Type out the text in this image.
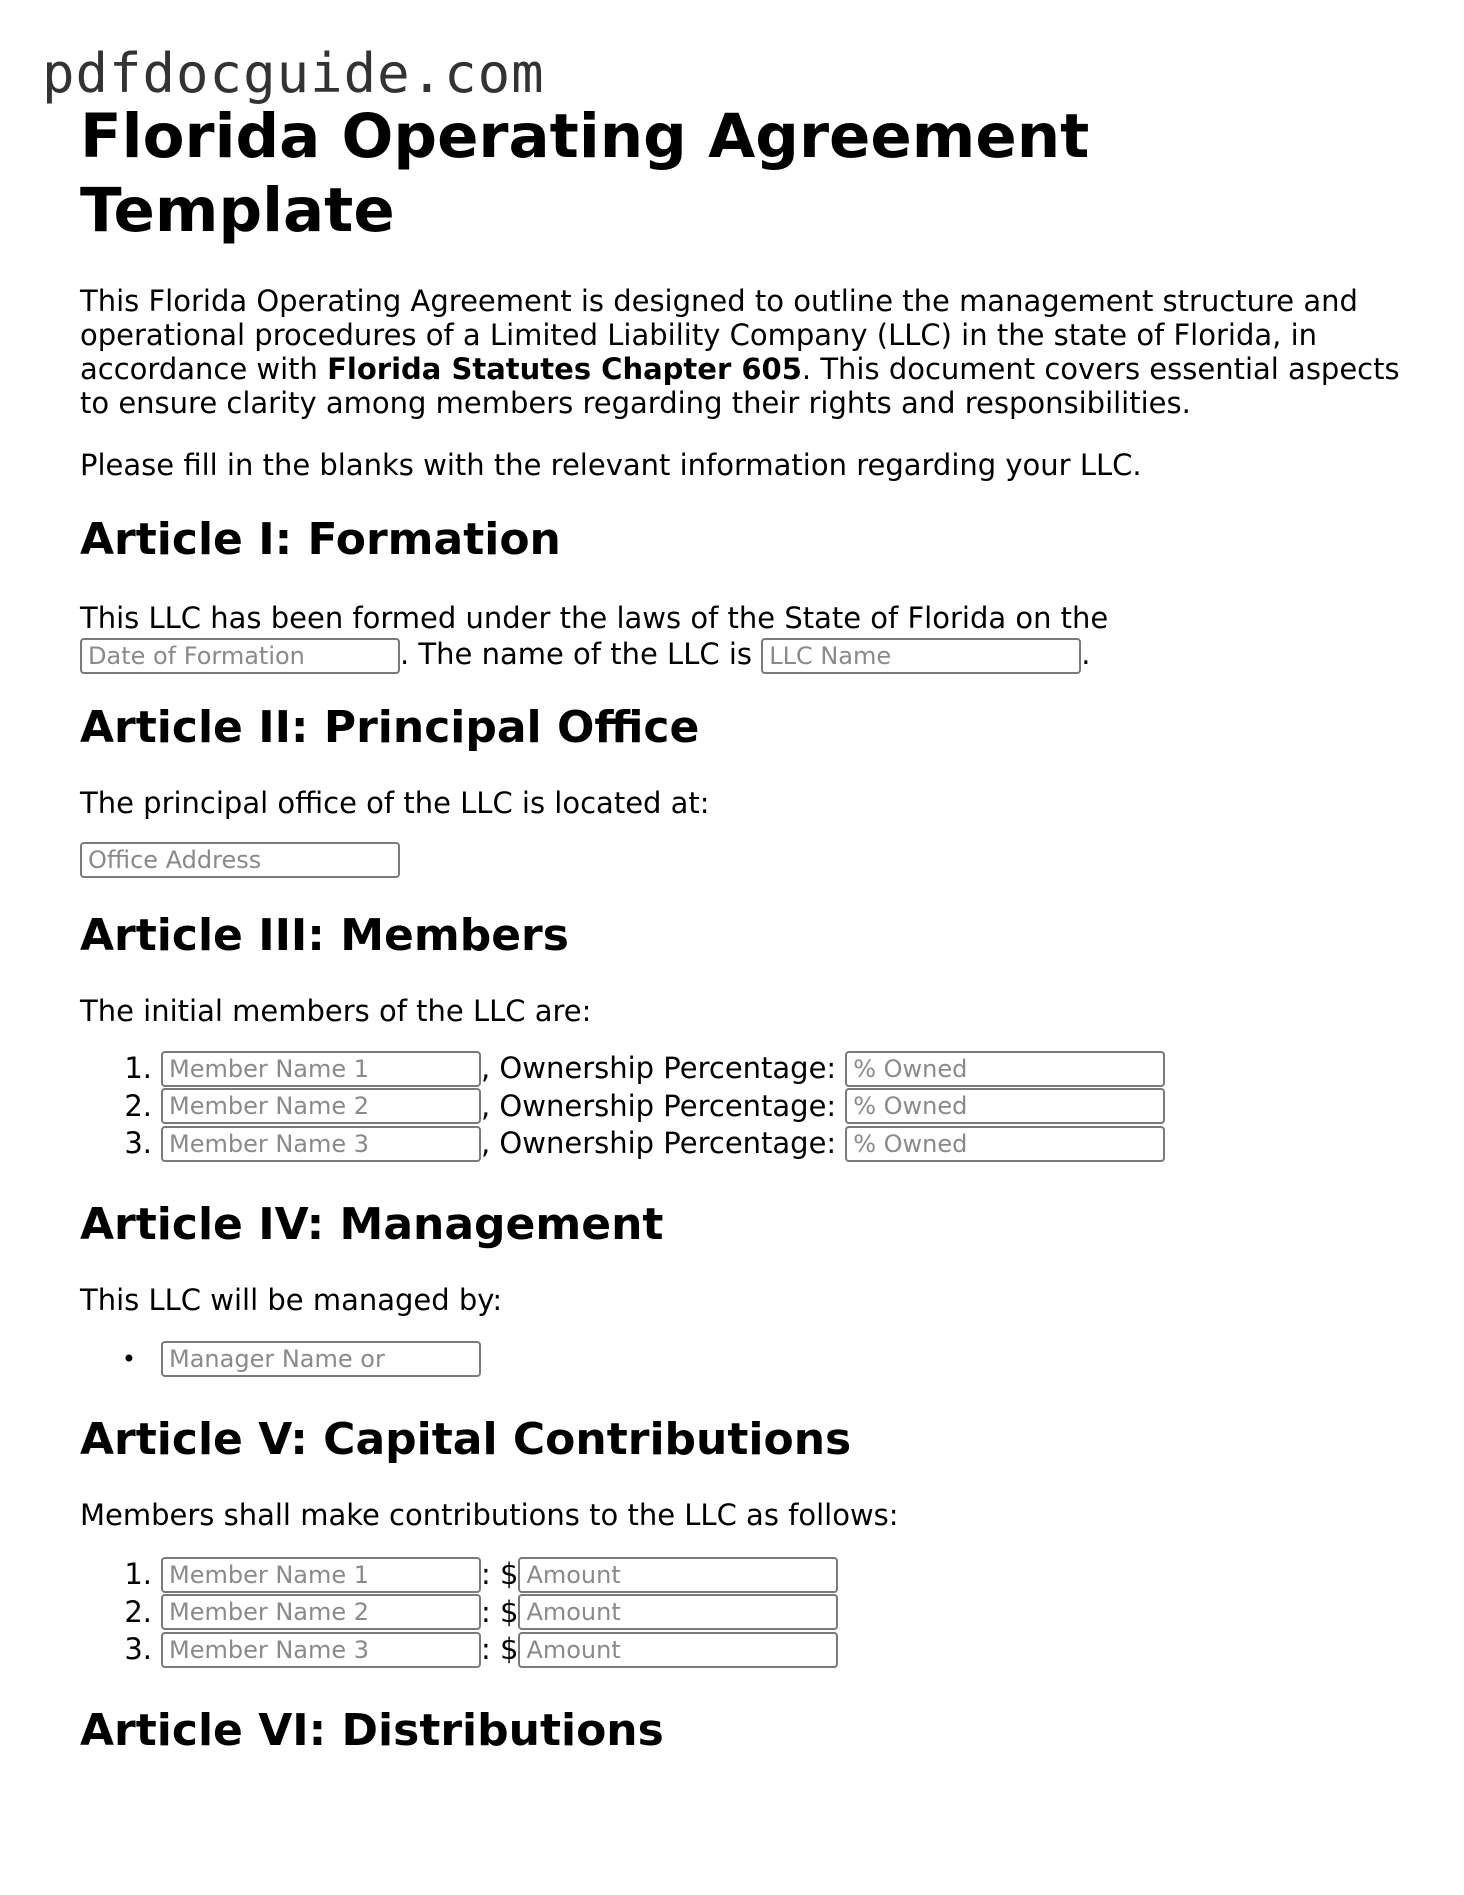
pdfdocguide.com
Florida Operating Agreement Template

This Florida Operating Agreement is designed to outline the management structure and operational procedures of a Limited Liability Company (LLC) in the state of Florida, in accordance with Florida Statutes Chapter 605. This document covers essential aspects to ensure clarity among members regarding their rights and responsibilities.

Please fill in the blanks with the relevant information regarding your LLC.

Article I: Formation

This LLC has been formed under the laws of the State of Florida on the
Date of Formation	. The name of the LLC is LLC Name	.

Article II: Principal Office

The principal office of the LLC is located at:

Office Address
Article III: Members

The initial members of the LLC are:

1. Member Name 1	, Ownership Percentage: % Owned
2. Member Name 2	, Ownership Percentage: % Owned
3. Member Name 3	, Ownership Percentage: % Owned
Article IV: Management

This LLC will be managed by:

•	Manager Name or
Article V: Capital Contributions

Members shall make contributions to the LLC as follows:

1. Member Name 1	: $ Amount
2. Member Name 2	: $ Amount
3. Member Name 3	: $ Amount
Article VI: Distributions
